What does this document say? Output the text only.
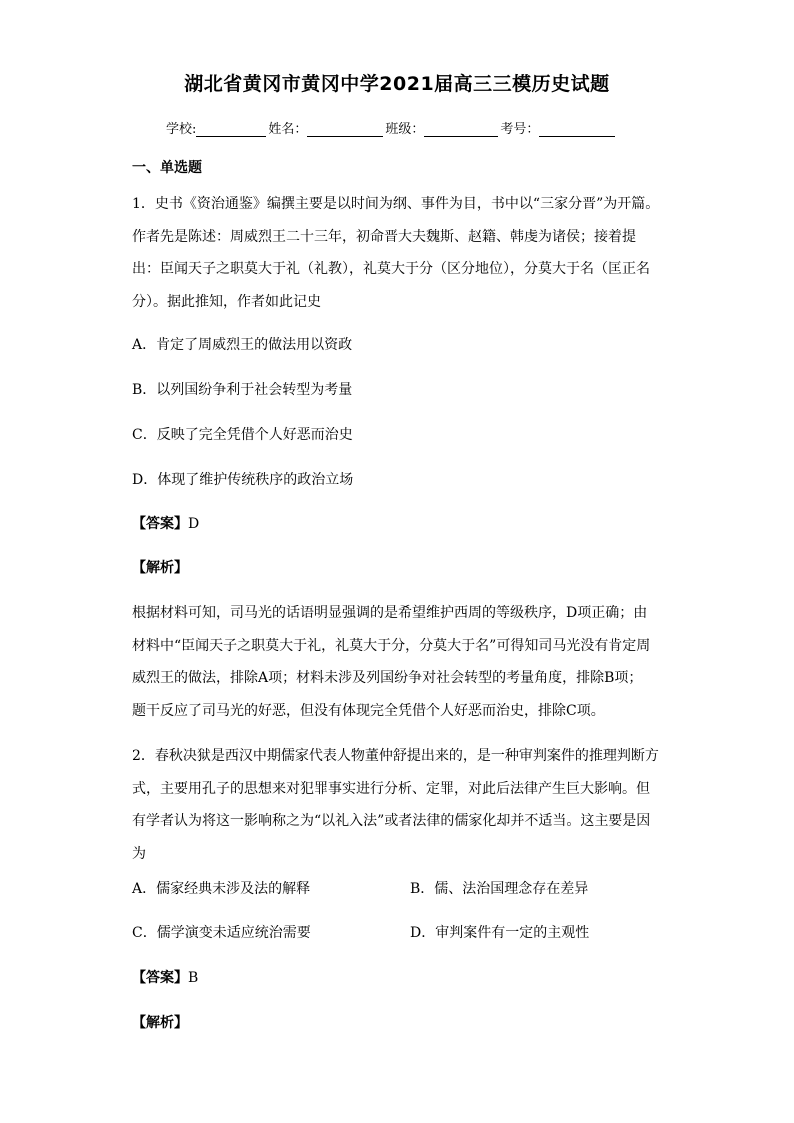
湖北省黄冈市黄冈中学2021届高三三模历史试题
学校:	姓名：	班级：	考号：
一、单选题
1．史书《资治通鉴》编撰主要是以时间为纲、事件为目，书中以“三家分晋”为开篇。
作者先是陈述：周威烈王二十三年，初命晋大夫魏斯、赵籍、韩虔为诸侯；接着提
出：臣闻天子之职莫大于礼（礼教），礼莫大于分（区分地位），分莫大于名（匡正名
分）。据此推知，作者如此记史
A．肯定了周威烈王的做法用以资政
B．以列国纷争利于社会转型为考量
C．反映了完全凭借个人好恶而治史
D．体现了维护传统秩序的政治立场
【答案】D
【解析】
根据材料可知，司马光的话语明显强调的是希望维护西周的等级秩序，D项正确；由
材料中“臣闻天子之职莫大于礼，礼莫大于分，分莫大于名”可得知司马光没有肯定周
威烈王的做法，排除A项；材料未涉及列国纷争对社会转型的考量角度，排除B项；
题干反应了司马光的好恶，但没有体现完全凭借个人好恶而治史，排除C项。
2．春秋决狱是西汉中期儒家代表人物董仲舒提出来的，是一种审判案件的推理判断方
式，主要用孔子的思想来对犯罪事实进行分析、定罪，对此后法律产生巨大影响。但
有学者认为将这一影响称之为“以礼入法”或者法律的儒家化却并不适当。这主要是因
为
A．儒家经典未涉及法的解释	B．儒、法治国理念存在差异
C．儒学演变未适应统治需要	D．审判案件有一定的主观性
【答案】B
【解析】
